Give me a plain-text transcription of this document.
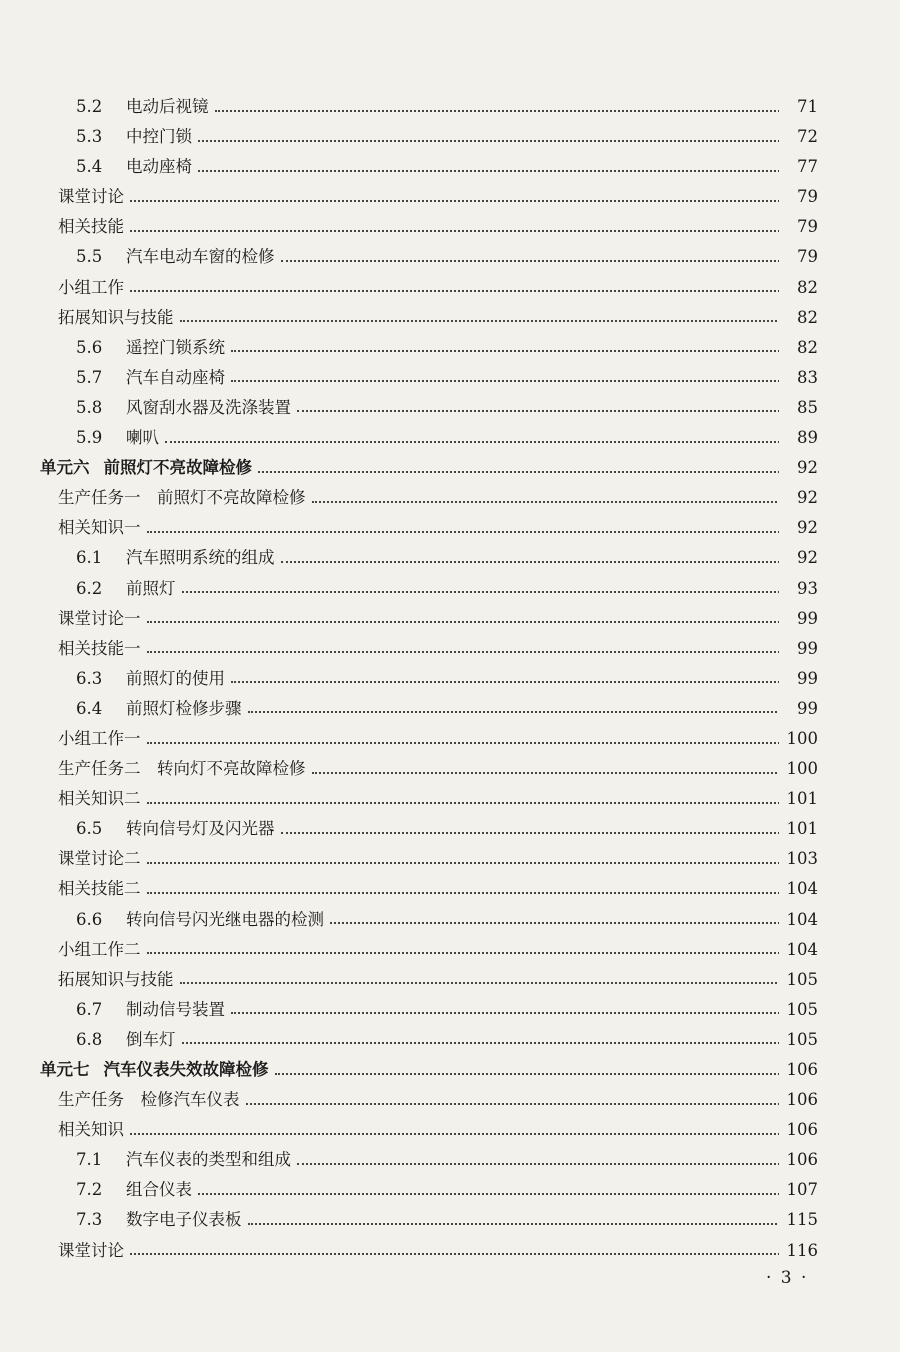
5.2	电动后视镜	71
5.3	中控门锁	72
5.4	电动座椅	77
课堂讨论	79
相关技能	79
5.5	汽车电动车窗的检修	79
小组工作	82
拓展知识与技能	82
5.6	遥控门锁系统	82
5.7	汽车自动座椅	83
5.8	风窗刮水器及洗涤装置	85
5.9	喇叭	89
单元六 前照灯不亮故障检修	92
生产任务一　前照灯不亮故障检修	92
相关知识一	92
6.1	汽车照明系统的组成	92
6.2	前照灯	93
课堂讨论一	99
相关技能一	99
6.3	前照灯的使用	99
6.4	前照灯检修步骤	99
小组工作一	100
生产任务二　转向灯不亮故障检修	100
相关知识二	101
6.5	转向信号灯及闪光器	101
课堂讨论二	103
相关技能二	104
6.6	转向信号闪光继电器的检测	104
小组工作二	104
拓展知识与技能	105
6.7	制动信号装置	105
6.8	倒车灯	105
单元七 汽车仪表失效故障检修	106
生产任务　检修汽车仪表	106
相关知识	106
7.1	汽车仪表的类型和组成	106
7.2	组合仪表	107
7.3	数字电子仪表板	115
课堂讨论	116
· 3 ·
